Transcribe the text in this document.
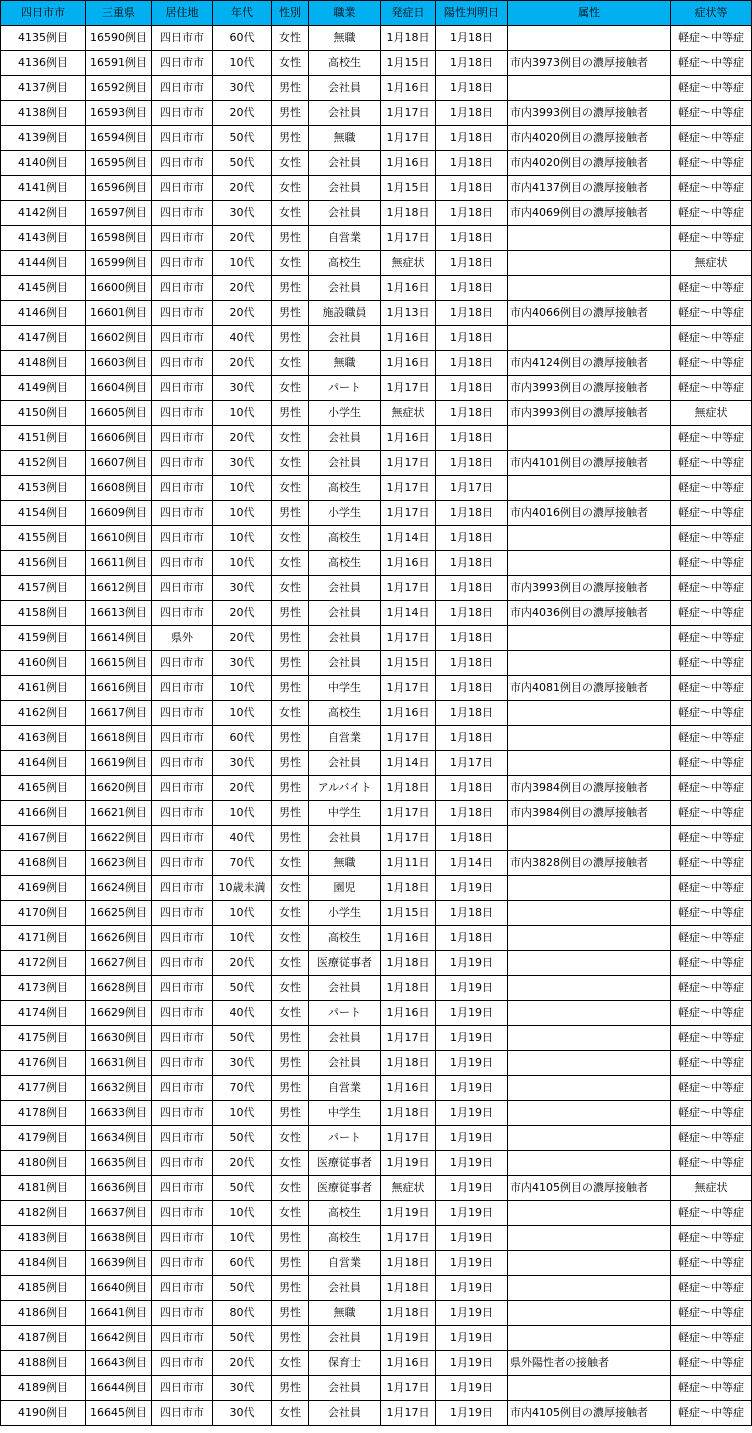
四日市市	三重県	居住地	年代	性別	職業	発症日	陽性判明日	属性	症状等
4135例目	16590例目	四日市市	60代	女性	無職	1月18日	1月18日		軽症～中等症
4136例目	16591例目	四日市市	10代	女性	高校生	1月15日	1月18日	市内3973例目の濃厚接触者	軽症～中等症
4137例目	16592例目	四日市市	30代	男性	会社員	1月16日	1月18日		軽症～中等症
4138例目	16593例目	四日市市	20代	男性	会社員	1月17日	1月18日	市内3993例目の濃厚接触者	軽症～中等症
4139例目	16594例目	四日市市	50代	男性	無職	1月17日	1月18日	市内4020例目の濃厚接触者	軽症～中等症
4140例目	16595例目	四日市市	50代	女性	会社員	1月16日	1月18日	市内4020例目の濃厚接触者	軽症～中等症
4141例目	16596例目	四日市市	20代	女性	会社員	1月15日	1月18日	市内4137例目の濃厚接触者	軽症～中等症
4142例目	16597例目	四日市市	30代	女性	会社員	1月18日	1月18日	市内4069例目の濃厚接触者	軽症～中等症
4143例目	16598例目	四日市市	20代	男性	自営業	1月17日	1月18日		軽症～中等症
4144例目	16599例目	四日市市	10代	女性	高校生	無症状	1月18日		無症状
4145例目	16600例目	四日市市	20代	男性	会社員	1月16日	1月18日		軽症～中等症
4146例目	16601例目	四日市市	20代	男性	施設職員	1月13日	1月18日	市内4066例目の濃厚接触者	軽症～中等症
4147例目	16602例目	四日市市	40代	男性	会社員	1月16日	1月18日		軽症～中等症
4148例目	16603例目	四日市市	20代	女性	無職	1月16日	1月18日	市内4124例目の濃厚接触者	軽症～中等症
4149例目	16604例目	四日市市	30代	女性	パート	1月17日	1月18日	市内3993例目の濃厚接触者	軽症～中等症
4150例目	16605例目	四日市市	10代	男性	小学生	無症状	1月18日	市内3993例目の濃厚接触者	無症状
4151例目	16606例目	四日市市	20代	女性	会社員	1月16日	1月18日		軽症～中等症
4152例目	16607例目	四日市市	30代	女性	会社員	1月17日	1月18日	市内4101例目の濃厚接触者	軽症～中等症
4153例目	16608例目	四日市市	10代	女性	高校生	1月17日	1月17日		軽症～中等症
4154例目	16609例目	四日市市	10代	男性	小学生	1月17日	1月18日	市内4016例目の濃厚接触者	軽症～中等症
4155例目	16610例目	四日市市	10代	女性	高校生	1月14日	1月18日		軽症～中等症
4156例目	16611例目	四日市市	10代	女性	高校生	1月16日	1月18日		軽症～中等症
4157例目	16612例目	四日市市	30代	女性	会社員	1月17日	1月18日	市内3993例目の濃厚接触者	軽症～中等症
4158例目	16613例目	四日市市	20代	男性	会社員	1月14日	1月18日	市内4036例目の濃厚接触者	軽症～中等症
4159例目	16614例目	県外	20代	男性	会社員	1月17日	1月18日		軽症～中等症
4160例目	16615例目	四日市市	30代	男性	会社員	1月15日	1月18日		軽症～中等症
4161例目	16616例目	四日市市	10代	男性	中学生	1月17日	1月18日	市内4081例目の濃厚接触者	軽症～中等症
4162例目	16617例目	四日市市	10代	女性	高校生	1月16日	1月18日		軽症～中等症
4163例目	16618例目	四日市市	60代	男性	自営業	1月17日	1月18日		軽症～中等症
4164例目	16619例目	四日市市	30代	男性	会社員	1月14日	1月17日		軽症～中等症
4165例目	16620例目	四日市市	20代	男性	アルバイト	1月18日	1月18日	市内3984例目の濃厚接触者	軽症～中等症
4166例目	16621例目	四日市市	10代	男性	中学生	1月17日	1月18日	市内3984例目の濃厚接触者	軽症～中等症
4167例目	16622例目	四日市市	40代	男性	会社員	1月17日	1月18日		軽症～中等症
4168例目	16623例目	四日市市	70代	女性	無職	1月11日	1月14日	市内3828例目の濃厚接触者	軽症～中等症
4169例目	16624例目	四日市市	10歳未満	女性	園児	1月18日	1月19日		軽症～中等症
4170例目	16625例目	四日市市	10代	女性	小学生	1月15日	1月18日		軽症～中等症
4171例目	16626例目	四日市市	10代	女性	高校生	1月16日	1月18日		軽症～中等症
4172例目	16627例目	四日市市	20代	女性	医療従事者	1月18日	1月19日		軽症～中等症
4173例目	16628例目	四日市市	50代	女性	会社員	1月18日	1月19日		軽症～中等症
4174例目	16629例目	四日市市	40代	女性	パート	1月16日	1月19日		軽症～中等症
4175例目	16630例目	四日市市	50代	男性	会社員	1月17日	1月19日		軽症～中等症
4176例目	16631例目	四日市市	30代	男性	会社員	1月18日	1月19日		軽症～中等症
4177例目	16632例目	四日市市	70代	男性	自営業	1月16日	1月19日		軽症～中等症
4178例目	16633例目	四日市市	10代	男性	中学生	1月18日	1月19日		軽症～中等症
4179例目	16634例目	四日市市	50代	女性	パート	1月17日	1月19日		軽症～中等症
4180例目	16635例目	四日市市	20代	女性	医療従事者	1月19日	1月19日		軽症～中等症
4181例目	16636例目	四日市市	50代	女性	医療従事者	無症状	1月19日	市内4105例目の濃厚接触者	無症状
4182例目	16637例目	四日市市	10代	女性	高校生	1月19日	1月19日		軽症～中等症
4183例目	16638例目	四日市市	10代	男性	高校生	1月17日	1月19日		軽症～中等症
4184例目	16639例目	四日市市	60代	男性	自営業	1月18日	1月19日		軽症～中等症
4185例目	16640例目	四日市市	50代	男性	会社員	1月18日	1月19日		軽症～中等症
4186例目	16641例目	四日市市	80代	男性	無職	1月18日	1月19日		軽症～中等症
4187例目	16642例目	四日市市	50代	男性	会社員	1月19日	1月19日		軽症～中等症
4188例目	16643例目	四日市市	20代	女性	保育士	1月16日	1月19日	県外陽性者の接触者	軽症～中等症
4189例目	16644例目	四日市市	30代	男性	会社員	1月17日	1月19日		軽症～中等症
4190例目	16645例目	四日市市	30代	女性	会社員	1月17日	1月19日	市内4105例目の濃厚接触者	軽症～中等症
